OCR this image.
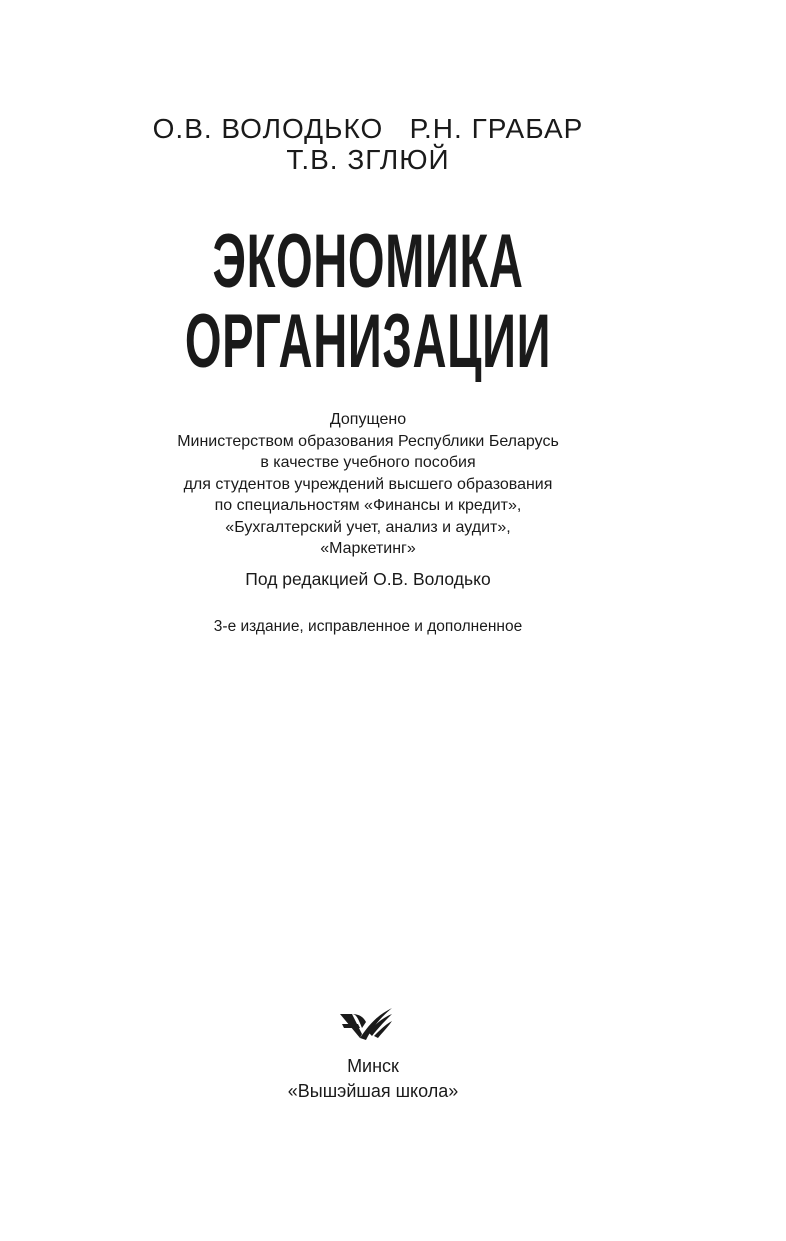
О.В. ВОЛОДЬКО   Р.Н. ГРАБАР
Т.В. ЗГЛЮЙ
ЭКОНОМИКА
ОРГАНИЗАЦИИ
Допущено
Министерством образования Республики Беларусь
в качестве учебного пособия
для студентов учреждений высшего образования
по специальностям «Финансы и кредит»,
«Бухгалтерский учет, анализ и аудит»,
«Маркетинг»
Под редакцией О.В. Володько
3-е издание, исправленное и дополненное
Минск
«Вышэйшая школа»
